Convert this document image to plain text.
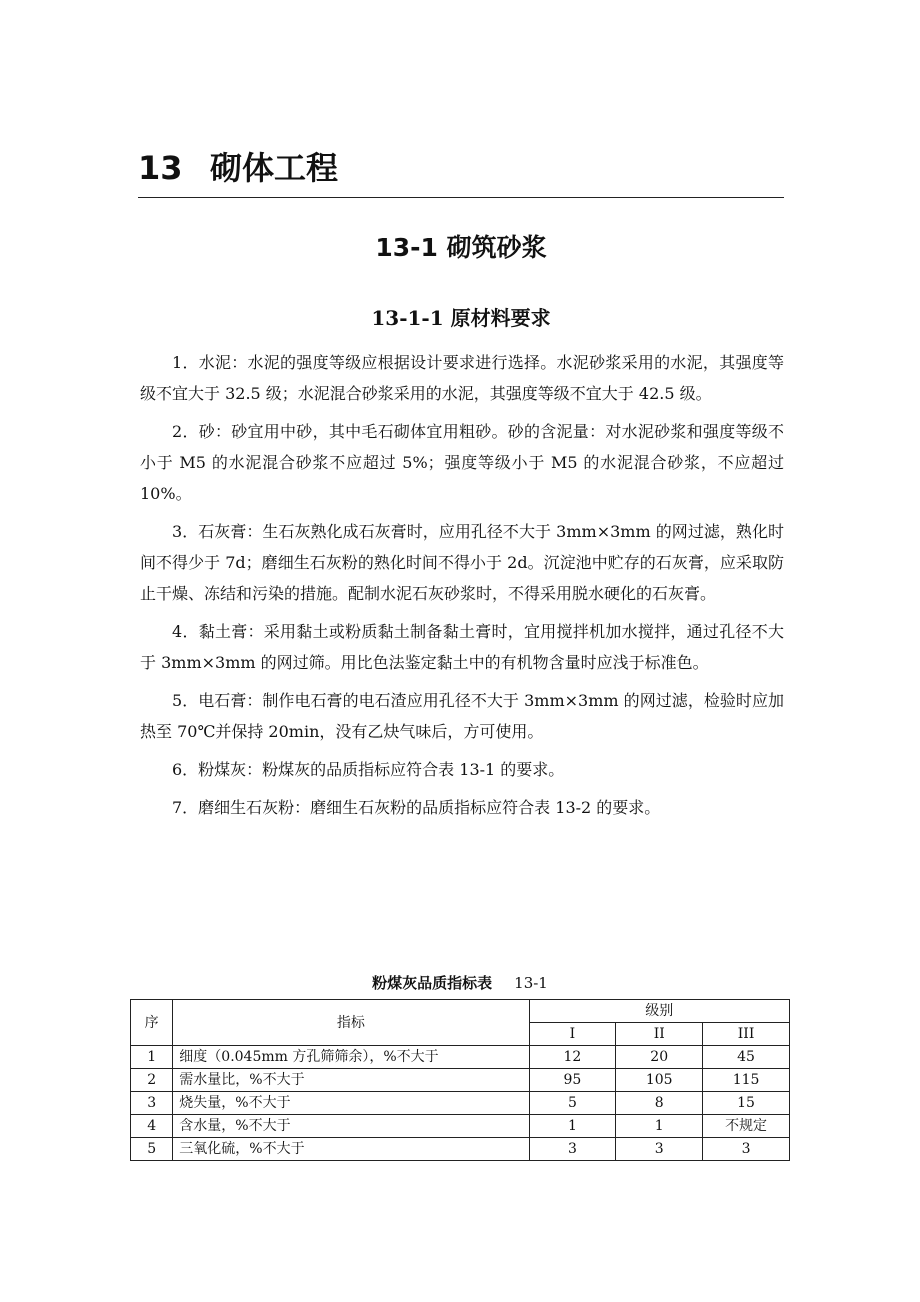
13 砌体工程
13-1 砌筑砂浆
13-1-1 原材料要求

1．水泥：水泥的强度等级应根据设计要求进行选择。水泥砂浆采用的水泥，其强度等级不宜大于 32.5 级；水泥混合砂浆采用的水泥，其强度等级不宜大于 42.5 级。

2．砂：砂宜用中砂，其中毛石砌体宜用粗砂。砂的含泥量：对水泥砂浆和强度等级不小于 M5 的水泥混合砂浆不应超过 5%；强度等级小于 M5 的水泥混合砂浆，不应超过 10%。

3．石灰膏：生石灰熟化成石灰膏时，应用孔径不大于 3mm×3mm 的网过滤，熟化时间不得少于 7d；磨细生石灰粉的熟化时间不得小于 2d。沉淀池中贮存的石灰膏，应采取防止干燥、冻结和污染的措施。配制水泥石灰砂浆时，不得采用脱水硬化的石灰膏。

4．黏土膏：采用黏土或粉质黏土制备黏土膏时，宜用搅拌机加水搅拌，通过孔径不大于 3mm×3mm 的网过筛。用比色法鉴定黏土中的有机物含量时应浅于标准色。

5．电石膏：制作电石膏的电石渣应用孔径不大于 3mm×3mm 的网过滤，检验时应加热至 70℃并保持 20min，没有乙炔气味后，方可使用。

6．粉煤灰：粉煤灰的品质指标应符合表 13-1 的要求。

7．磨细生石灰粉：磨细生石灰粉的品质指标应符合表 13-2 的要求。

粉煤灰品质指标表 13-1
序	指标	级别		
		I	II	III
1	细度（0.045mm 方孔筛筛余），%不大于	12	20	45
2	需水量比，%不大于	95	105	115
3	烧失量，%不大于	5	8	15
4	含水量，%不大于	1	1	不规定
5	三氧化硫，%不大于	3	3	3
